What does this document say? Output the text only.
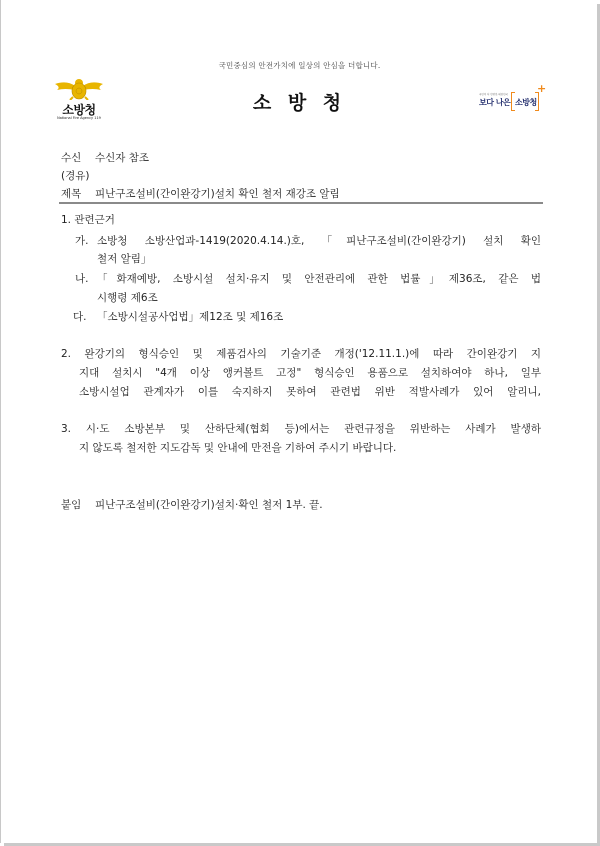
국민중심의 안전가치에 일상의 안심을 더합니다.
소방청
National Fire Agency 119
소 방 청	국민이 더 안전한 대한민국
보다 나은 소방청
+
수신 수신자 참조
(경유)
제목 피난구조설비(간이완강기)설치 확인 철저 재강조 알림
1. 관련근거
가. 소방청 소방산업과-1419(2020.4.14.)호, 「피난구조설비(간이완강기) 설치 확인
철저 알림」
나. 「화재예방, 소방시설 설치·유지 및 안전관리에 관한 법률」제36조, 같은 법
시행령 제6조
다. 「소방시설공사업법」제12조 및 제16조
2. 완강기의 형식승인 및 제품검사의 기술기준 개정('12.11.1.)에 따라 간이완강기 지
지대 설치시 "4개 이상 앵커볼트 고정" 형식승인 용품으로 설치하여야 하나, 일부
소방시설업 관계자가 이를 숙지하지 못하여 관련법 위반 적발사례가 있어 알리니,
3. 시·도 소방본부 및 산하단체(협회 등)에서는 관련규정을 위반하는 사례가 발생하
지 않도록 철저한 지도감독 및 안내에 만전을 기하여 주시기 바랍니다.
붙임 피난구조설비(간이완강기)설치·확인 철저 1부. 끝.
